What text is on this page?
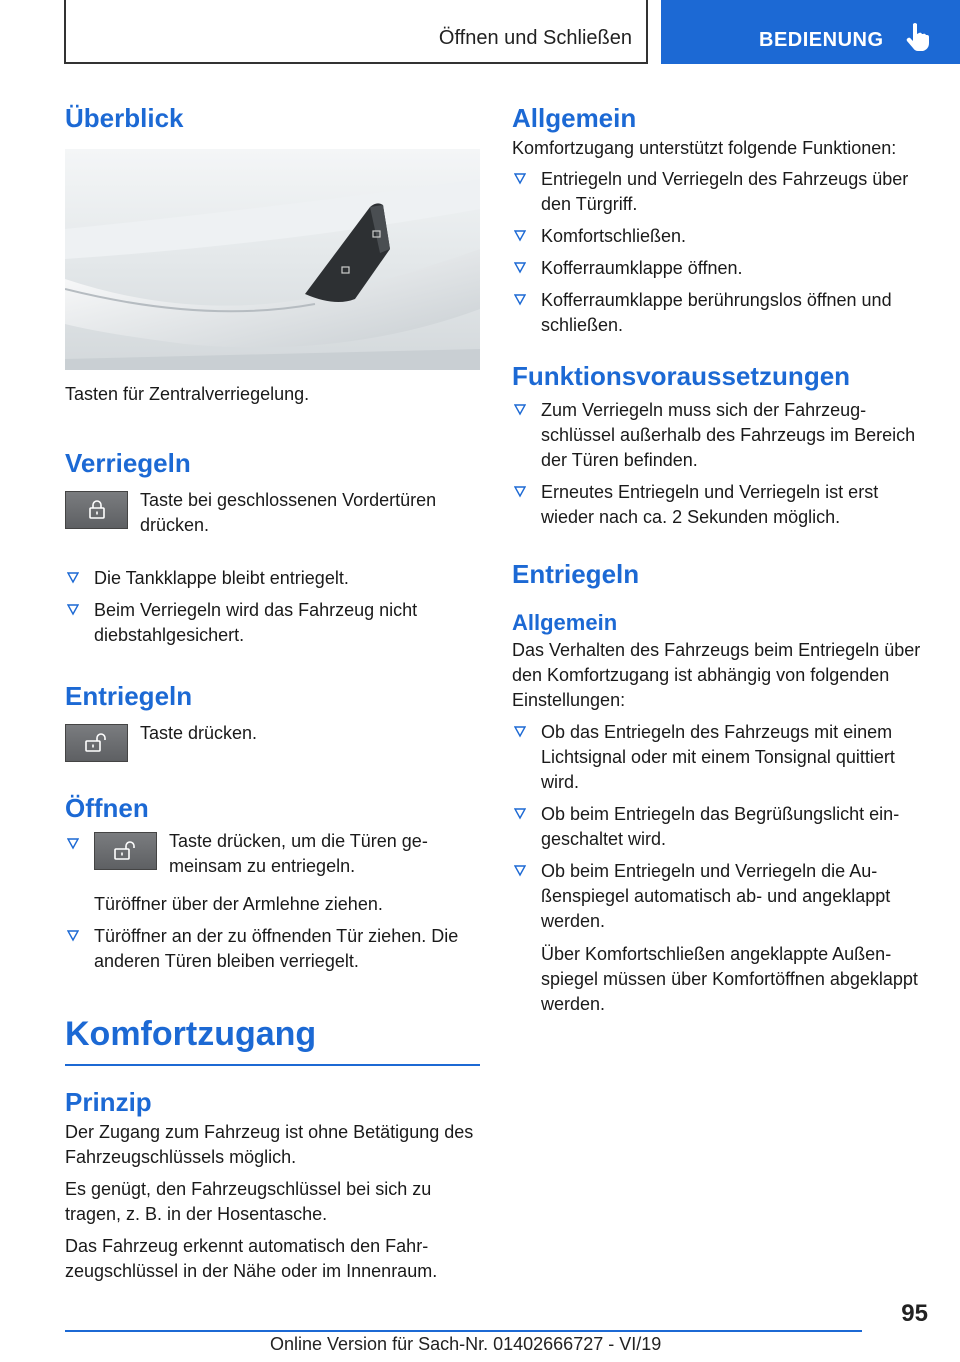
Öffnen und Schließen	BEDIENUNG
Überblick

Tasten für Zentralverriegelung.

Verriegeln

Taste bei geschlossenen Vordertüren drücken.

Die Tankklappe bleibt entriegelt.
Beim Verriegeln wird das Fahrzeug nicht diebstahlgesichert.
Entriegeln

Taste drücken.

Öffnen

Taste drücken, um die Türen gemeinsam zu entriegeln.

Türöffner über der Armlehne ziehen.

Türöffner an der zu öffnenden Tür ziehen. Die anderen Türen bleiben verriegelt.
Komfortzugang
Prinzip

Der Zugang zum Fahrzeug ist ohne Betätigung des Fahrzeugschlüssels möglich.

Es genügt, den Fahrzeugschlüssel bei sich zu tragen, z. B. in der Hosentasche.

Das Fahrzeug erkennt automatisch den Fahrzeugschlüssel in der Nähe oder im Innenraum.

Allgemein

Komfortzugang unterstützt folgende Funktionen:

Entriegeln und Verriegeln des Fahrzeugs über den Türgriff.
Komfortschließen.
Kofferraumklappe öffnen.
Kofferraumklappe berührungslos öffnen und schließen.
Funktionsvoraussetzungen
Zum Verriegeln muss sich der Fahrzeugschlüssel außerhalb des Fahrzeugs im Bereich der Türen befinden.
Erneutes Entriegeln und Verriegeln ist erst wieder nach ca. 2 Sekunden möglich.
Entriegeln
Allgemein

Das Verhalten des Fahrzeugs beim Entriegeln über den Komfortzugang ist abhängig von folgenden Einstellungen:

Ob das Entriegeln des Fahrzeugs mit einem Lichtsignal oder mit einem Tonsignal quittiert wird.
Ob beim Entriegeln das Begrüßungslicht eingeschaltet wird.
Ob beim Entriegeln und Verriegeln die Außenspiegel automatisch ab- und angeklappt werden.

Über Komfortschließen angeklappte Außenspiegel müssen über Komfortöffnen abgeklappt werden.

95
Online Version für Sach-Nr. 01402666727 - VI/19
